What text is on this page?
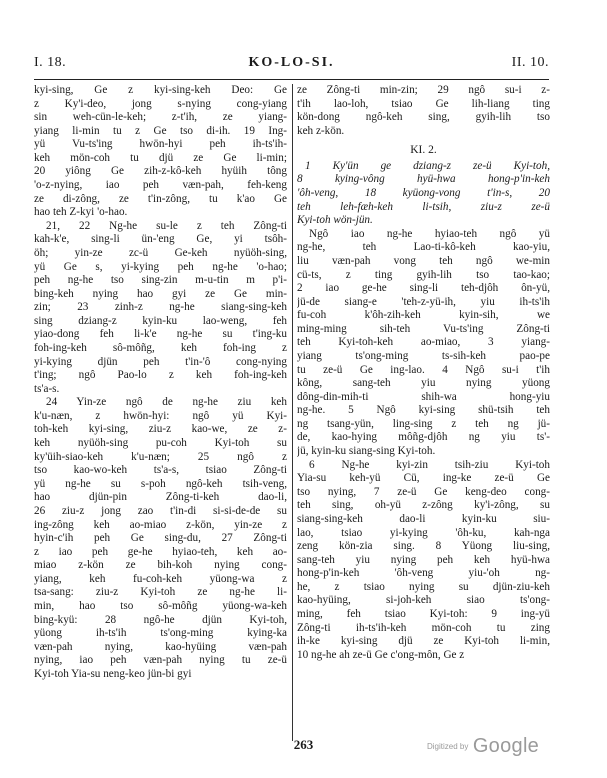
I. 18.	KO-LO-SI.	II. 10.
kyi-sing, Ge z kyi-sing-keh Deo: Ge
z Ky'i-deo, jong s-nying cong-yiang
sin weh-cün-le-keh; z-t'ih, ze yiang-
yiang li-min tu z Ge tso di-ih. 19 Ing-
yü Vu-ts'ing hwön-hyi peh ih-ts'ih-
keh mön-coh tu djü ze Ge li-min;
20 yiông Ge zih-z-kô-keh hyüih tông
'o-z-nying, iao peh væn-pah, feh-keng
ze di-zông, ze t'in-zông, tu k'ao Ge
hao teh Z-kyi 'o-hao.
21, 22 Ng-he su-le z teh Zông-ti
kah-k'e, sing-li ün-'eng Ge, yi tsôh-
öh; yin-ze zc-ü Ge-keh nyüöh-sing,
yü Ge s, yi-kying peh ng-he 'o-hao;
peh ng-he tso sing-zin m-u-tin m p'i-
bing-keh nying hao gyi ze Ge min-
zin; 23 zinh-z ng-he siang-sing-keh
sing dziang-z kyin-ku lao-weng, feh
yiao-dong feh li-k'e ng-he su t'ing-ku
foh-ing-keh sô-môñg, keh foh-ing z
yi-kying djün peh t'in-'ô cong-nying
t'ing; ngô Pao-lo z keh foh-ing-keh
ts'a-s.
24 Yin-ze ngô de ng-he ziu keh
k'u-næn, z hwön-hyi: ngô yü Kyi-
toh-keh kyi-sing, ziu-z kao-we, ze z-
keh nyüöh-sing pu-coh Kyi-toh su
ky'üih-siao-keh k'u-næn; 25 ngô z
tso kao-wo-keh ts'a-s, tsiao Zông-ti
yü ng-he su s-poh ngô-keh tsih-veng,
hao djün-pin Zông-ti-keh dao-li,
26 ziu-z jong zao t'in-di si-si-de-de su
ing-zông keh ao-miao z-kön, yin-ze z
hyin-c'ih peh Ge sing-du, 27 Zông-ti
z iao peh ge-he hyiao-teh, keh ao-
miao z-kön ze bih-koh nying cong-
yiang, keh fu-coh-keh yüong-wa z
tsa-sang: ziu-z Kyi-toh ze ng-he li-
min, hao tso sô-môñg yüong-wa-keh
bing-kyü: 28 ngô-he djün Kyi-toh,
yüong ih-ts'ih ts'ong-ming kying-ka
væn-pah nying, kao-hyüing væn-pah
nying, iao peh væn-pah nying tu ze-ü
Kyi-toh Yia-su neng-keo jün-bi gyi
ze Zông-ti min-zin; 29 ngô su-i z-
t'ih lao-loh, tsiao Ge lih-liang ting
kön-dong ngô-keh sing, gyih-lih tso
keh z-kön.
KI. 2.
1 Ky'ün ge dziang-z ze-ü Kyi-toh,
8 kying-vông hyü-hwa hong-p'in-keh
'ôh-veng, 18 kyüong-vong t'in-s, 20
teh leh-fæh-keh li-tsih, ziu-z ze-ü
Kyi-toh wön-jün.
Ngô iao ng-he hyiao-teh ngô yü
ng-he, teh Lao-ti-kô-keh kao-yiu,
liu væn-pah vong teh ngô we-min
cü-ts, z ting gyih-lih tso tao-kao;
2 iao ge-he sing-li teh-djôh ôn-yü,
jü-de siang-e 'teh-z-yü-ih, yiu ih-ts'ih
fu-coh k'ôh-zih-keh kyin-sih, we
ming-ming sih-teh Vu-ts'ing Zông-ti
teh Kyi-toh-keh ao-miao, 3 yiang-
yiang ts'ong-ming ts-sih-keh pao-pe
tu ze-ü Ge ing-lao. 4 Ngô su-i t'ih
kông, sang-teh yiu nying yüong
dông-din-mih-ti shih-wa hong-yiu
ng-he. 5 Ngô kyi-sing shü-tsih teh
ng tsang-yün, ling-sing z teh ng jü-
de, kao-hying môñg-djôh ng yiu ts'-
jü, kyin-ku siang-sing Kyi-toh.
6 Ng-he kyi-zin tsih-ziu Kyi-toh
Yia-su keh-yü Cü, ing-ke ze-ü Ge
tso nying, 7 ze-ü Ge keng-deo cong-
teh sing, oh-yü z-zông ky'i-zông, su
siang-sing-keh dao-li kyin-ku siu-
lao, tsiao yi-kying 'ôh-ku, kah-nga
zeng kön-zia sing. 8 Yüong liu-sing,
sang-teh yiu nying peh keh hyü-hwa
hong-p'in-keh 'ôh-veng yiu-'oh ng-
he, z tsiao nying su djün-ziu-keh
kao-hyüing, si-joh-keh siao ts'ong-
ming, feh tsiao Kyi-toh: 9 ing-yü
Zông-ti ih-ts'ih-keh mön-coh tu zing
ih-ke kyi-sing djü ze Kyi-toh li-min,
10 ng-he ah ze-ü Ge c'ong-môn, Ge z
263	Digitized by Google
